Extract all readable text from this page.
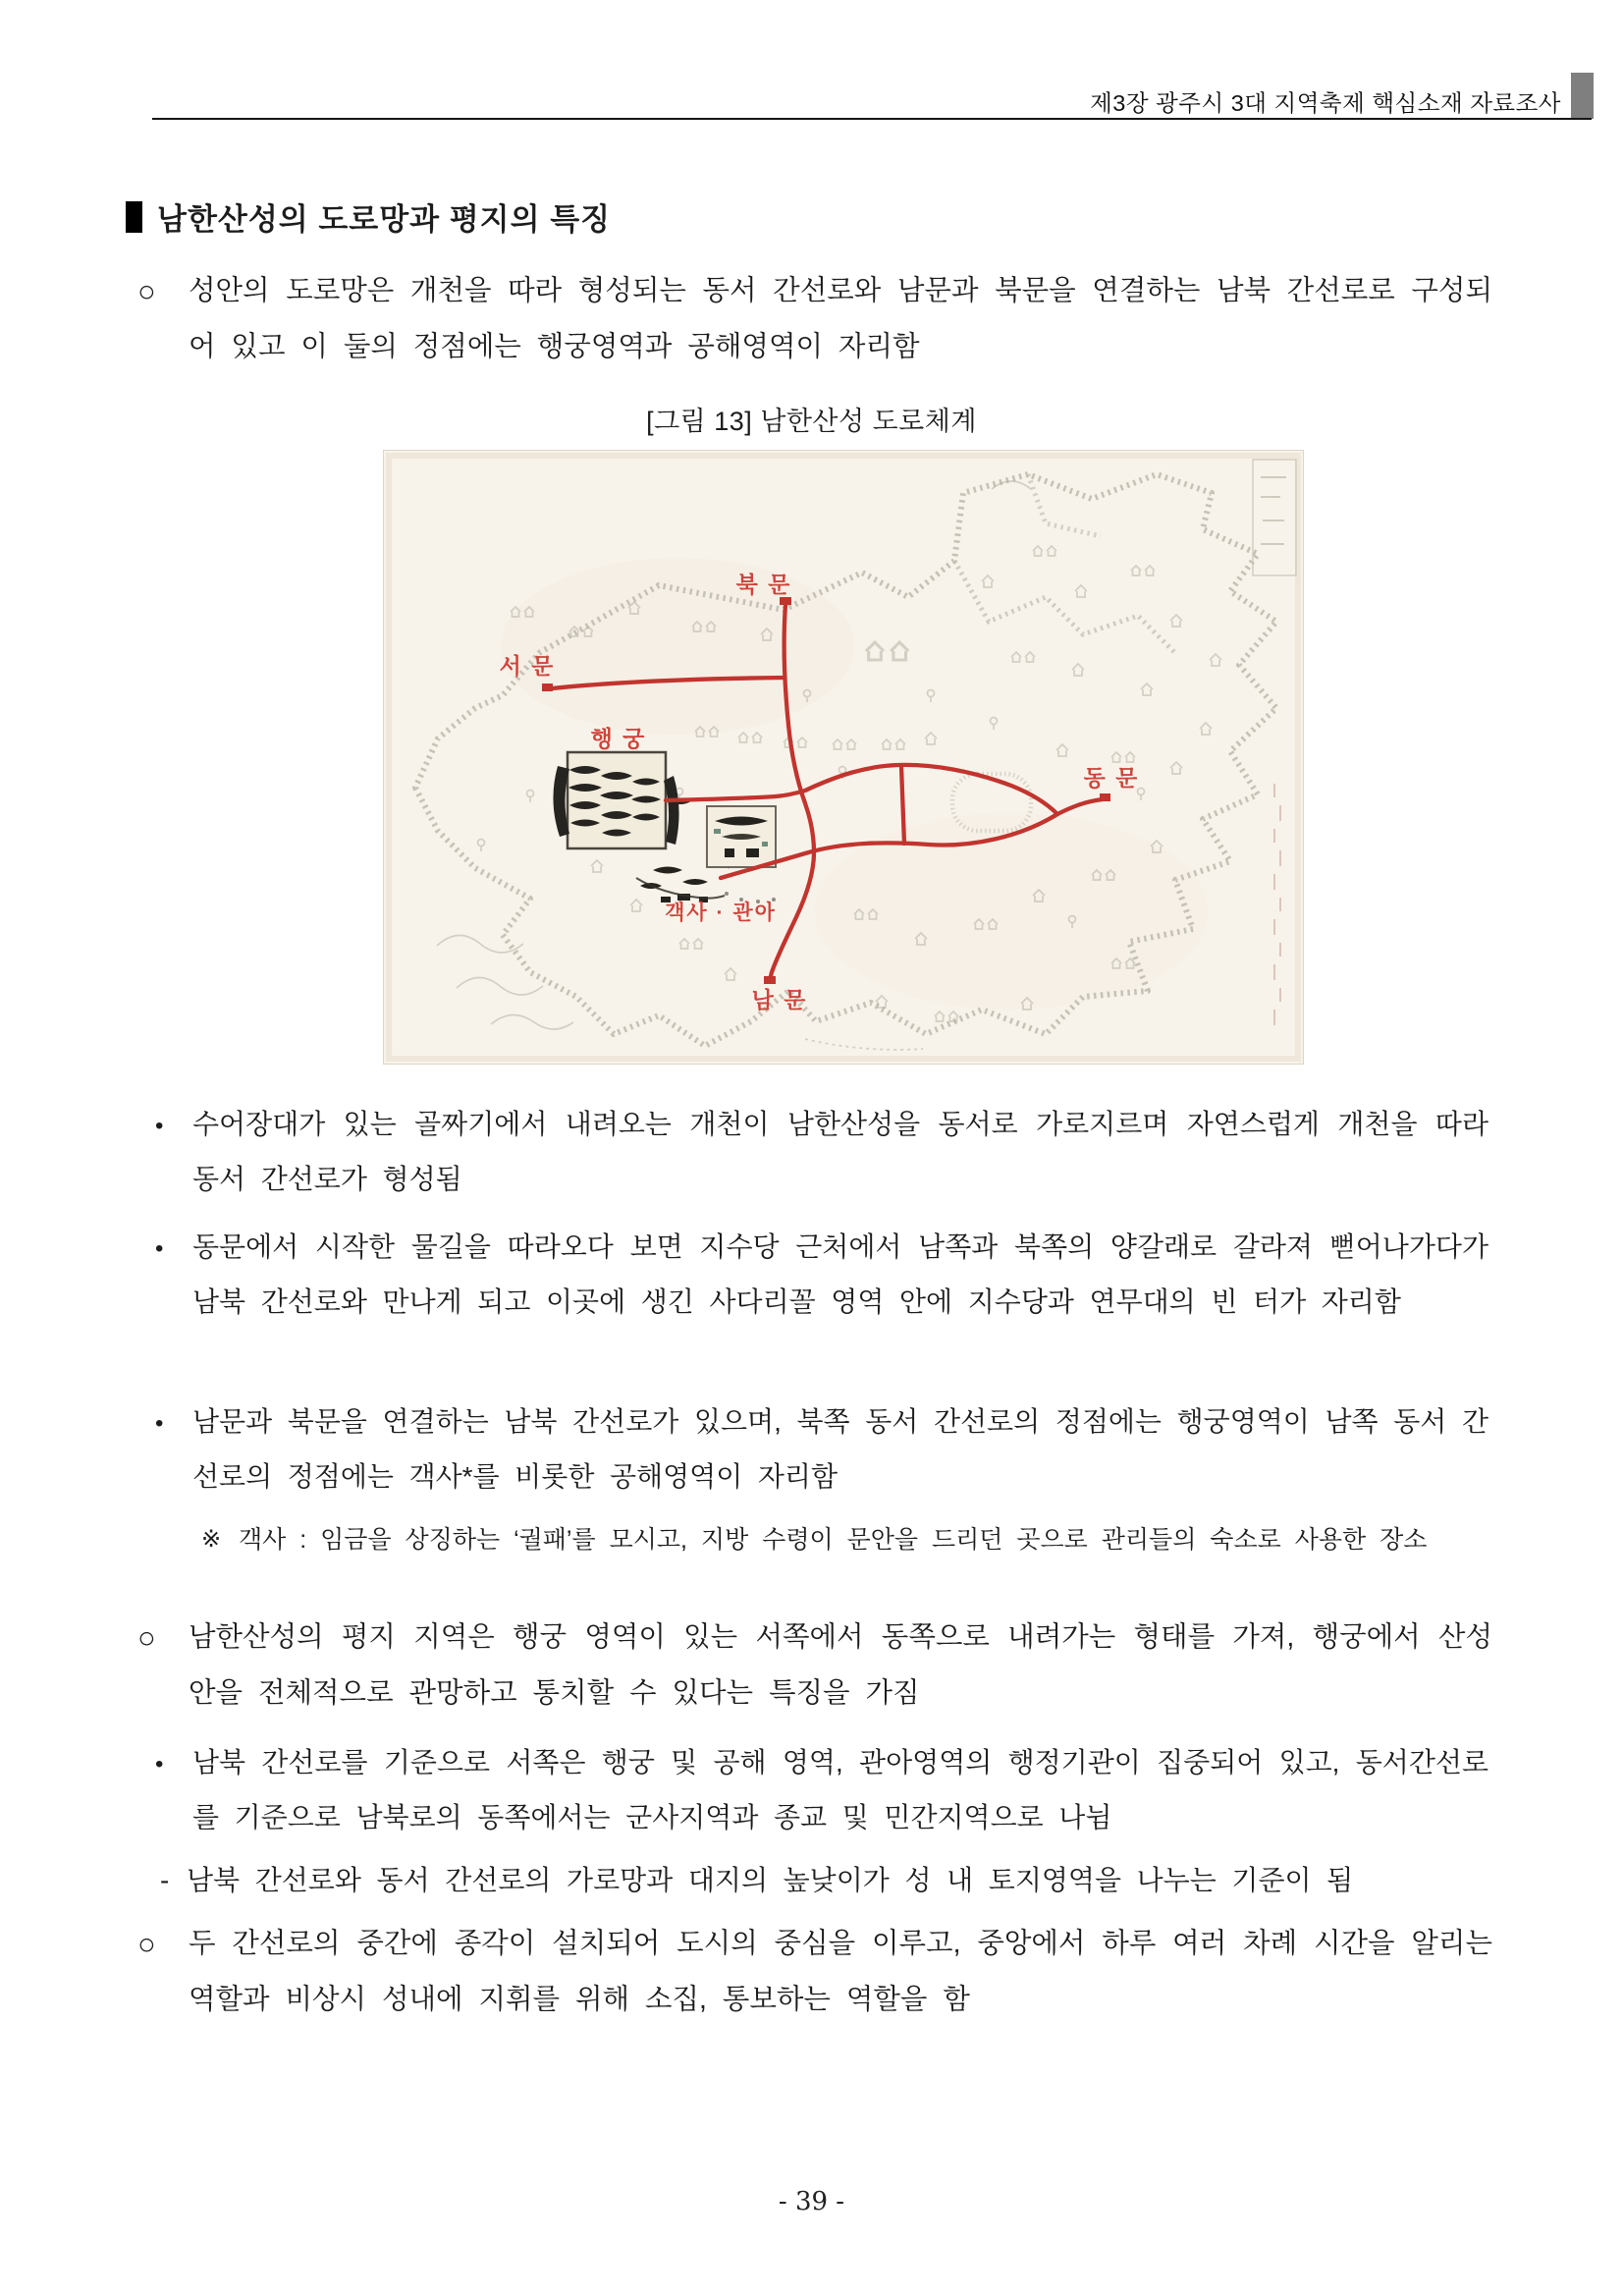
제3장 광주시 3대 지역축제 핵심소재 자료조사
남한산성의 도로망과 평지의 특징
○	성안의 도로망은 개천을 따라 형성되는 동서 간선로와 남문과 북문을 연결하는 남북 간선로로 구성되어 있고 이 둘의 정점에는 행궁영역과 공해영역이 자리함
[그림 13] 남한산성 도로체계
북 문
서 문
동 문
남 문
행 궁
객사 · 관아
•	수어장대가 있는 골짜기에서 내려오는 개천이 남한산성을 동서로 가로지르며 자연스럽게 개천을 따라 동서 간선로가 형성됨
•	동문에서 시작한 물길을 따라오다 보면 지수당 근처에서 남쪽과 북쪽의 양갈래로 갈라져 뻗어나가다가 남북 간선로와 만나게 되고 이곳에 생긴 사다리꼴 영역 안에 지수당과 연무대의 빈 터가 자리함
•	남문과 북문을 연결하는 남북 간선로가 있으며, 북쪽 동서 간선로의 정점에는 행궁영역이 남쪽 동서 간선로의 정점에는 객사*를 비롯한 공해영역이 자리함
※ 객사 : 임금을 상징하는 ‘궐패’를 모시고, 지방 수령이 문안을 드리던 곳으로 관리들의 숙소로 사용한 장소
○	남한산성의 평지 지역은 행궁 영역이 있는 서쪽에서 동쪽으로 내려가는 형태를 가져, 행궁에서 산성 안을 전체적으로 관망하고 통치할 수 있다는 특징을 가짐
•	남북 간선로를 기준으로 서쪽은 행궁 및 공해 영역, 관아영역의 행정기관이 집중되어 있고, 동서간선로를 기준으로 남북로의 동쪽에서는 군사지역과 종교 및 민간지역으로 나뉨
- 남북 간선로와 동서 간선로의 가로망과 대지의 높낮이가 성 내 토지영역을 나누는 기준이 됨
○	두 간선로의 중간에 종각이 설치되어 도시의 중심을 이루고, 중앙에서 하루 여러 차례 시간을 알리는 역할과 비상시 성내에 지휘를 위해 소집, 통보하는 역할을 함
- 39 -
